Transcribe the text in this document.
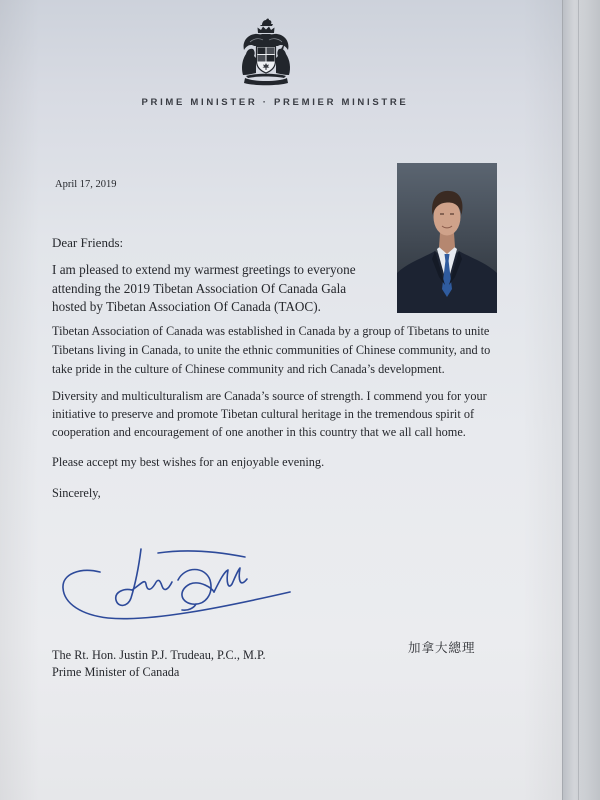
PRIME MINISTER · PREMIER MINISTRE
April 17, 2019
Dear Friends:
I am pleased to extend my warmest greetings to everyone
attending the 2019 Tibetan Association Of Canada Gala
hosted by Tibetan Association Of Canada (TAOC).
Tibetan Association of Canada was established in Canada by a group of Tibetans to unite
Tibetans living in Canada, to unite the ethnic communities of Chinese community, and to
take pride in the culture of Chinese community and rich Canada’s development.
Diversity and multiculturalism are Canada’s source of strength. I commend you for your
initiative to preserve and promote Tibetan cultural heritage in the tremendous spirit of
cooperation and encouragement of one another in this country that we all call home.
Please accept my best wishes for an enjoyable evening.
Sincerely,
The Rt. Hon. Justin P.J. Trudeau, P.C., M.P.
Prime Minister of Canada
加拿大總理
